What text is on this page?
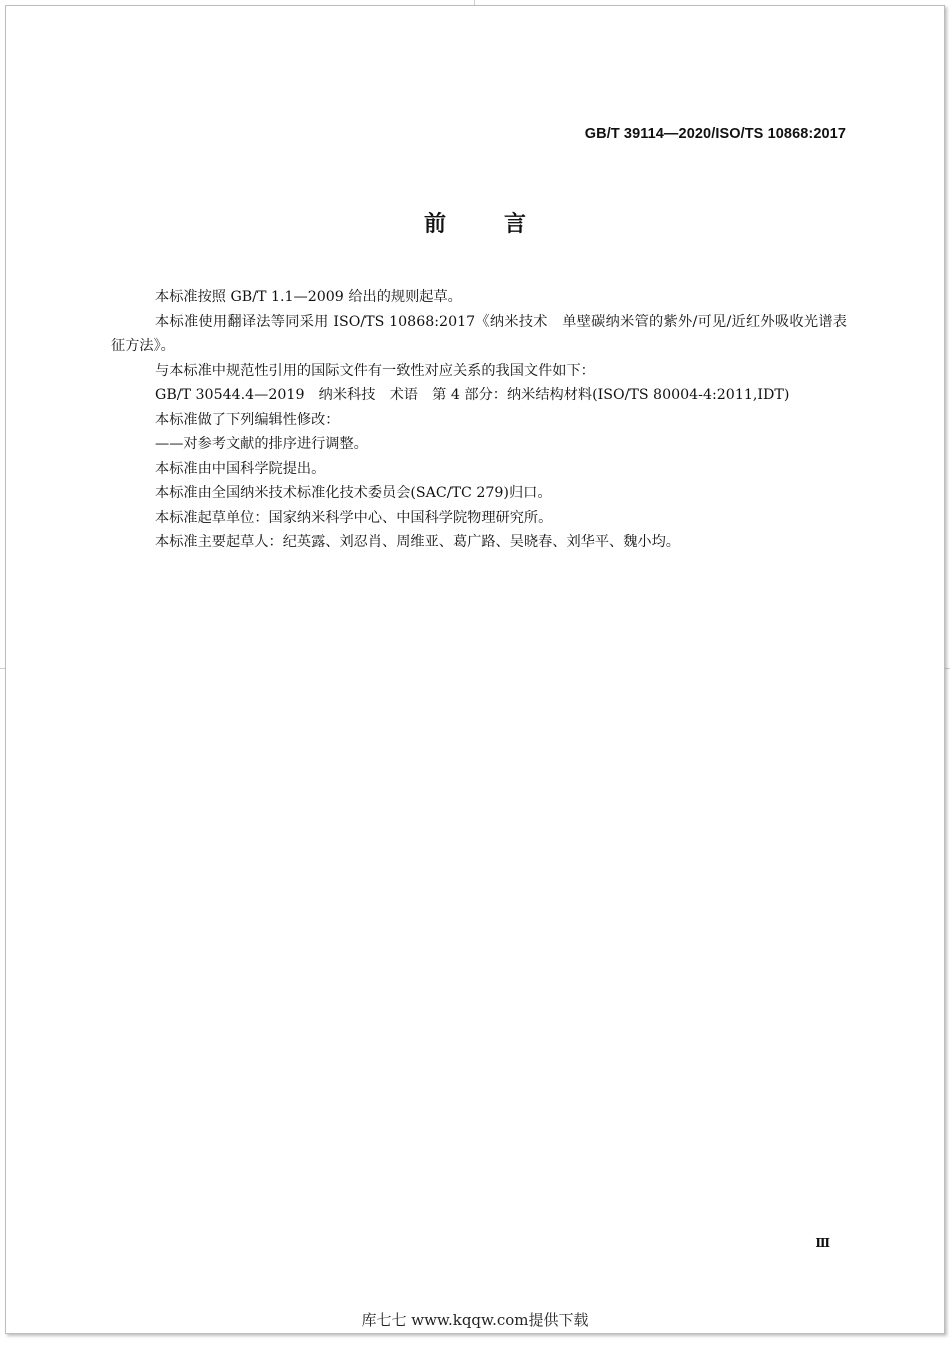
GB/T 39114—2020/ISO/TS 10868:2017
前言

本标准按照 GB/T 1.1—2009 给出的规则起草。

本标准使用翻译法等同采用 ISO/TS 10868:2017《纳米技术　单壁碳纳米管的紫外/可见/近红外吸收光谱表征方法》。

与本标准中规范性引用的国际文件有一致性对应关系的我国文件如下：

GB/T 30544.4—2019　纳米科技　术语　第 4 部分：纳米结构材料(ISO/TS 80004-4:2011,IDT)

本标准做了下列编辑性修改：

——对参考文献的排序进行调整。

本标准由中国科学院提出。

本标准由全国纳米技术标准化技术委员会(SAC/TC 279)归口。

本标准起草单位：国家纳米科学中心、中国科学院物理研究所。

本标准主要起草人：纪英露、刘忍肖、周维亚、葛广路、吴晓春、刘华平、魏小均。

Ⅲ
库七七 www.kqqw.com提供下载
